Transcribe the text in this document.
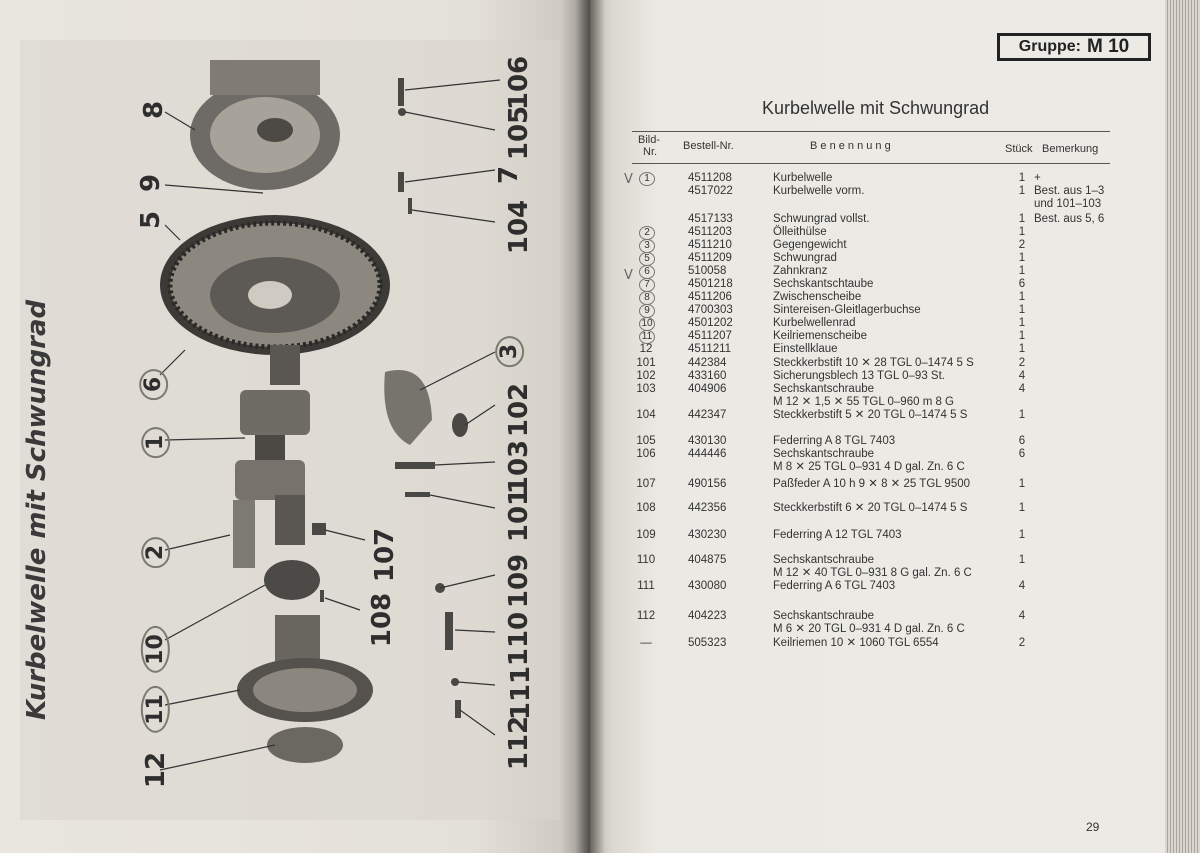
Kurbelwelle mit Schwungrad
8
9
5
6
1
2
10
11
12
106
105
7
104
3
102
103
101
107	109
108	110
111
112
Gruppe: M 10
Kurbelwelle mit Schwungrad
Bild-
Nr. Bestell-Nr.	B e n e n n u n g	Stück Bemerkung
V
V
1	4511208	Kurbelwelle	1 +
4517022	Kurbelwelle vorm.	1 Best. aus 1–3
und 101–103
4517133	Schwungrad vollst.	1 Best. aus 5, 6
2	4511203	Ölleithülse	1
3	4511210	Gegengewicht	2
5	4511209	Schwungrad	1
6	510058	Zahnkranz	1
7	4501218	Sechskantschtaube	6
8	4511206	Zwischenscheibe	1
9	4700303	Sintereisen-Gleitlagerbuchse	1
10	4501202	Kurbelwellenrad	1
11	4511207	Keilriemenscheibe	1
12	4511211	Einstellklaue	1
101	442384	Steckkerbstift 10 ✕ 28 TGL 0–1474 5 S	2
102	433160	Sicherungsblech 13 TGL 0–93 St.	4
103	404906	Sechskantschraube	4
M 12 ✕ 1,5 ✕ 55 TGL 0–960 m 8 G
104	442347	Steckkerbstift 5 ✕ 20 TGL 0–1474 5 S	1
105	430130	Federring A 8 TGL 7403	6
106	444446	Sechskantschraube	6
M 8 ✕ 25 TGL 0–931 4 D gal. Zn. 6 C
107	490156	Paßfeder A 10 h 9 ✕ 8 ✕ 25 TGL 9500	1
108	442356	Steckkerbstift 6 ✕ 20 TGL 0–1474 5 S	1
109	430230	Federring A 12 TGL 7403	1
110	404875	Sechskantschraube	1
M 12 ✕ 40 TGL 0–931 8 G gal. Zn. 6 C
111	430080	Federring A 6 TGL 7403	4
112	404223	Sechskantschraube	4
M 6 ✕ 20 TGL 0–931 4 D gal. Zn. 6 C
—	505323	Keilriemen 10 ✕ 1060 TGL 6554	2
29
